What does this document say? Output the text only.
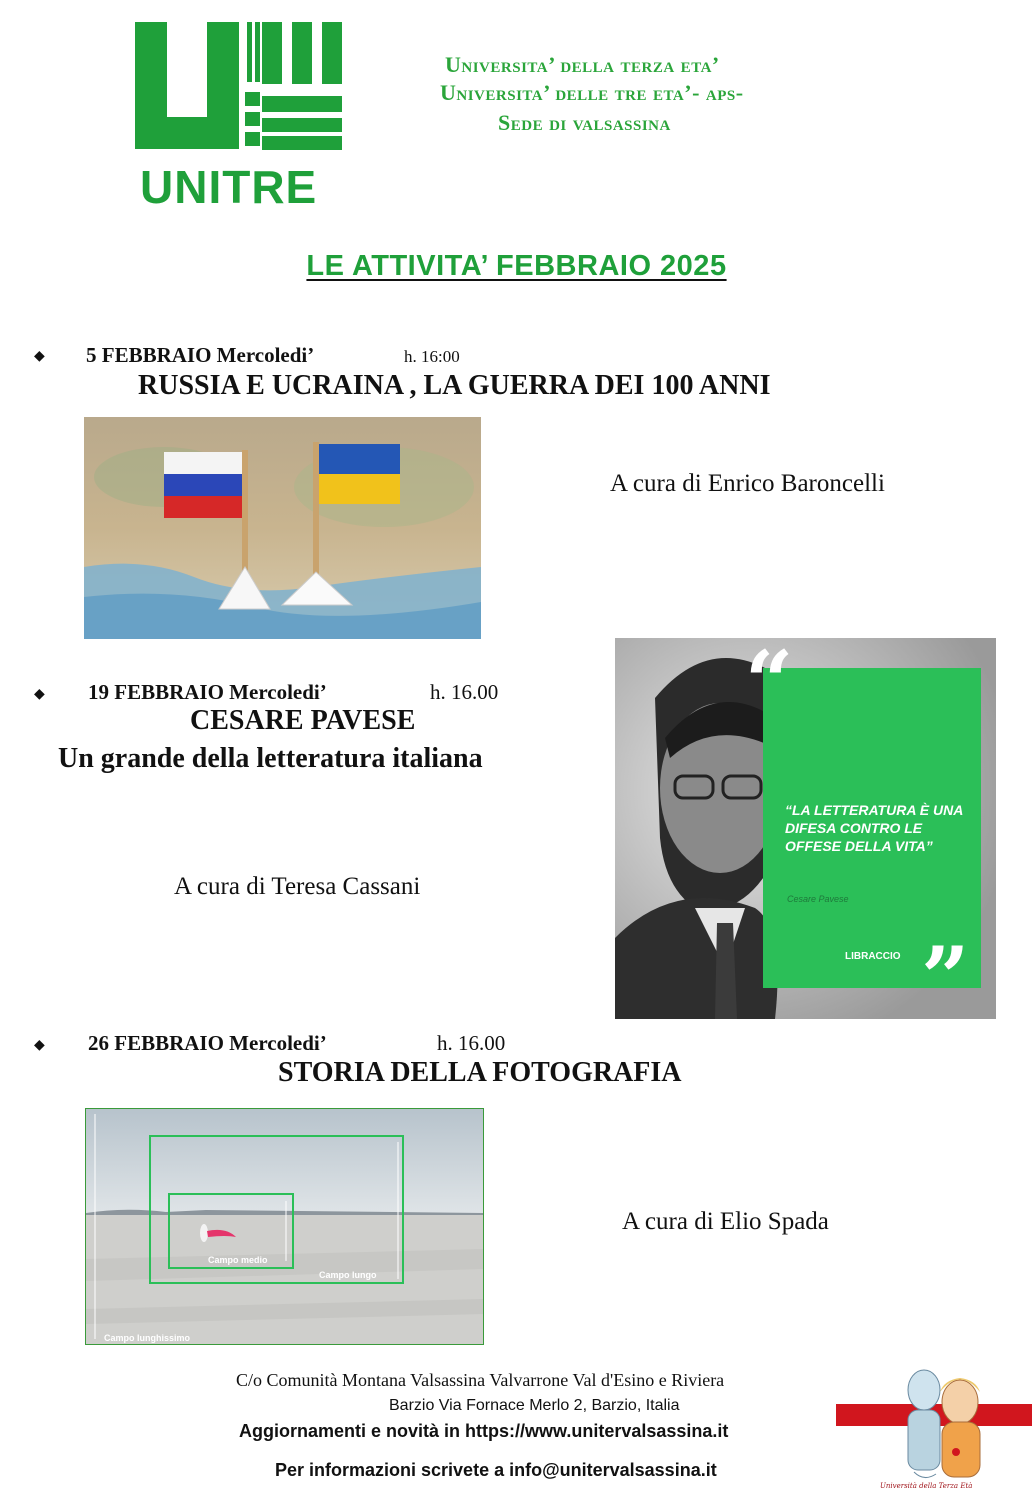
UNITRE
Universita’ della terza eta’
Universita’ delle tre eta’- aps-
Sede di valsassina
LE ATTIVITA’ FEBBRAIO 2025
◆ 5 FEBBRAIO Mercoledi’	h. 16:00
RUSSIA E UCRAINA , LA GUERRA DEI 100 ANNI
A cura di Enrico Baroncelli
◆ 19 FEBBRAIO Mercoledi’	h. 16.00
CESARE PAVESE
Un grande della letteratura italiana
A cura di Teresa Cassani
“
”
“LA LETTERATURA È UNA
DIFESA CONTRO LE
OFFESE DELLA VITA”
Cesare Pavese
LIBRACCIO
◆ 26 FEBBRAIO Mercoledi’	h. 16.00
STORIA DELLA FOTOGRAFIA
Campo medio
Campo lungo
Campo lunghissimo
A cura di Elio Spada
C/o Comunità Montana Valsassina Valvarrone Val d'Esino e Riviera
Barzio Via Fornace Merlo 2, Barzio, Italia
Aggiornamenti e novità in https://www.unitervalsassina.it
Per informazioni scrivete a info@unitervalsassina.it
Università della Terza Età
